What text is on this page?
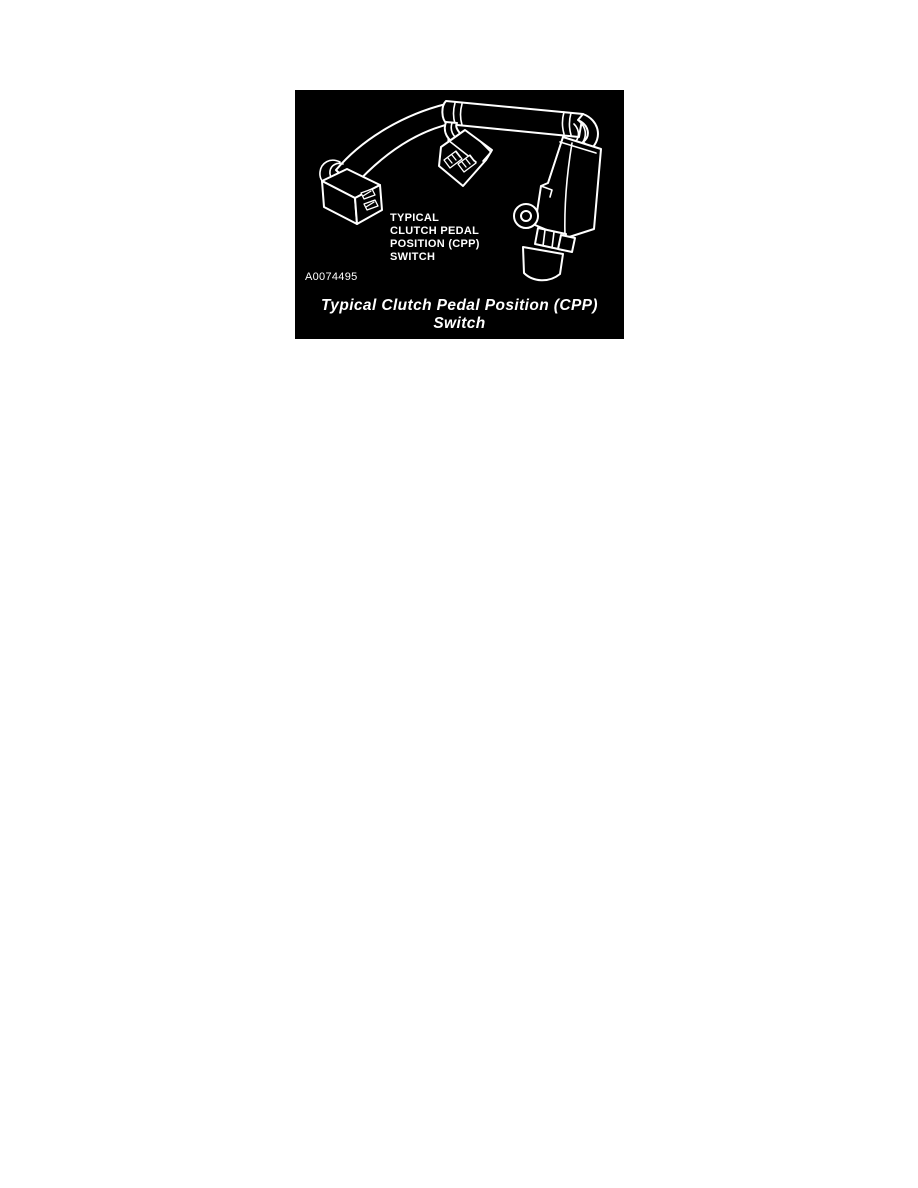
TYPICAL
CLUTCH PEDAL
POSITION (CPP)
SWITCH
A0074495
Typical Clutch Pedal Position (CPP)
Switch
